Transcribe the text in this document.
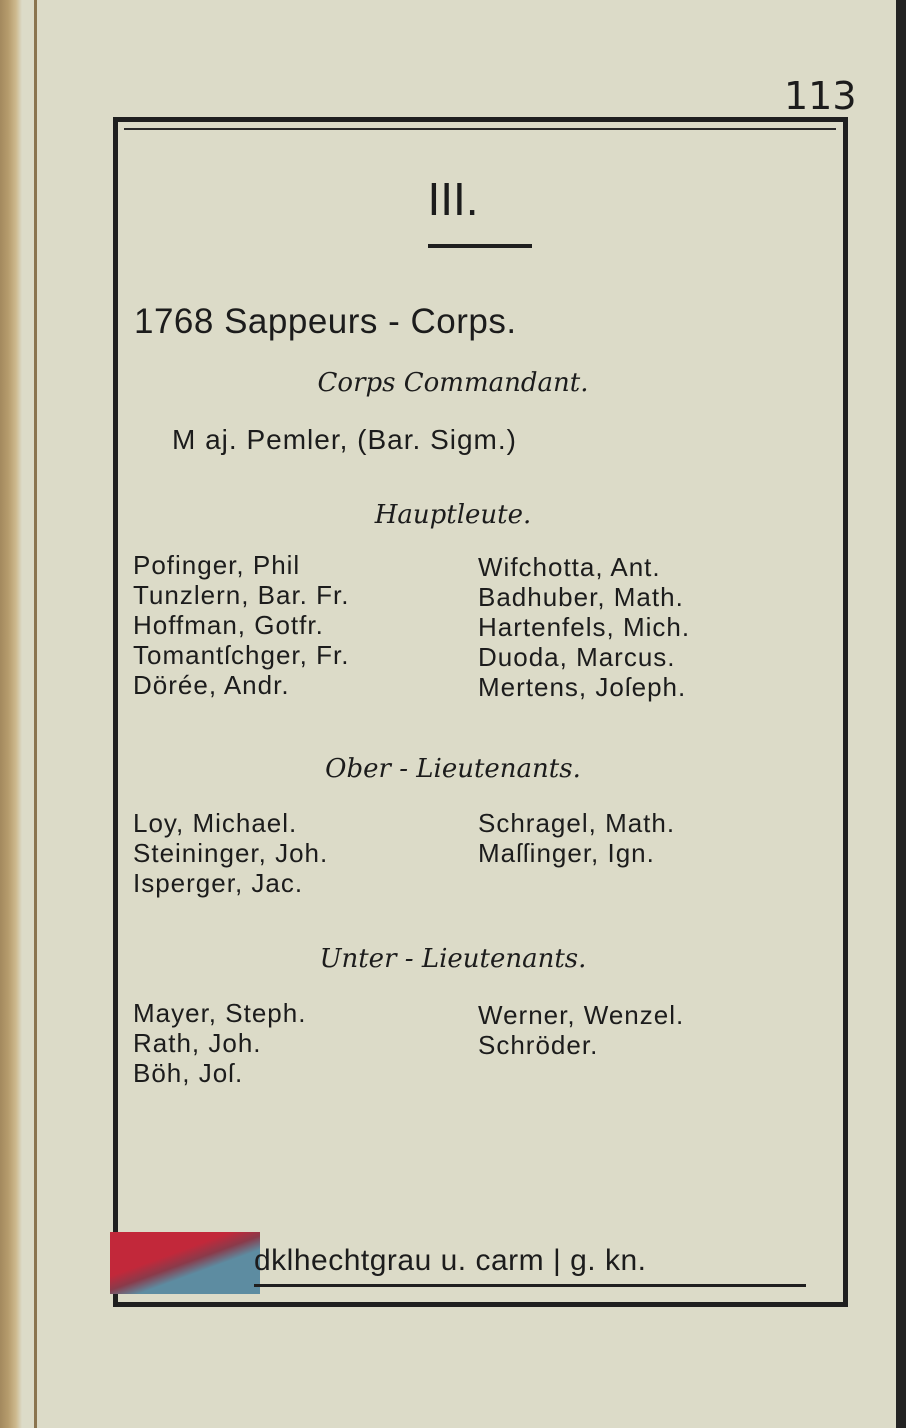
113
III.
1768 Sappeurs - Corps.
Corps Commandant.
M aj. Pemler, (Bar. Sigm.)
Hauptleute.
Pofinger, Phil
Tunzlern, Bar. Fr.
Hoffman, Gotfr.
Tomantſchger, Fr.
Dörée, Andr.
Wifchotta, Ant.
Badhuber, Math.
Hartenfels, Mich.
Duoda, Marcus.
Mertens, Joſeph.
Ober - Lieutenants.
Loy, Michael.
Steininger, Joh.
Isperger, Jac.
Schragel, Math.
Maſſinger, Ign.
Unter - Lieutenants.
Mayer, Steph.
Rath, Joh.
Böh, Joſ.
Werner, Wenzel.
Schröder.
dklhechtgrau u. carm | g. kn.
